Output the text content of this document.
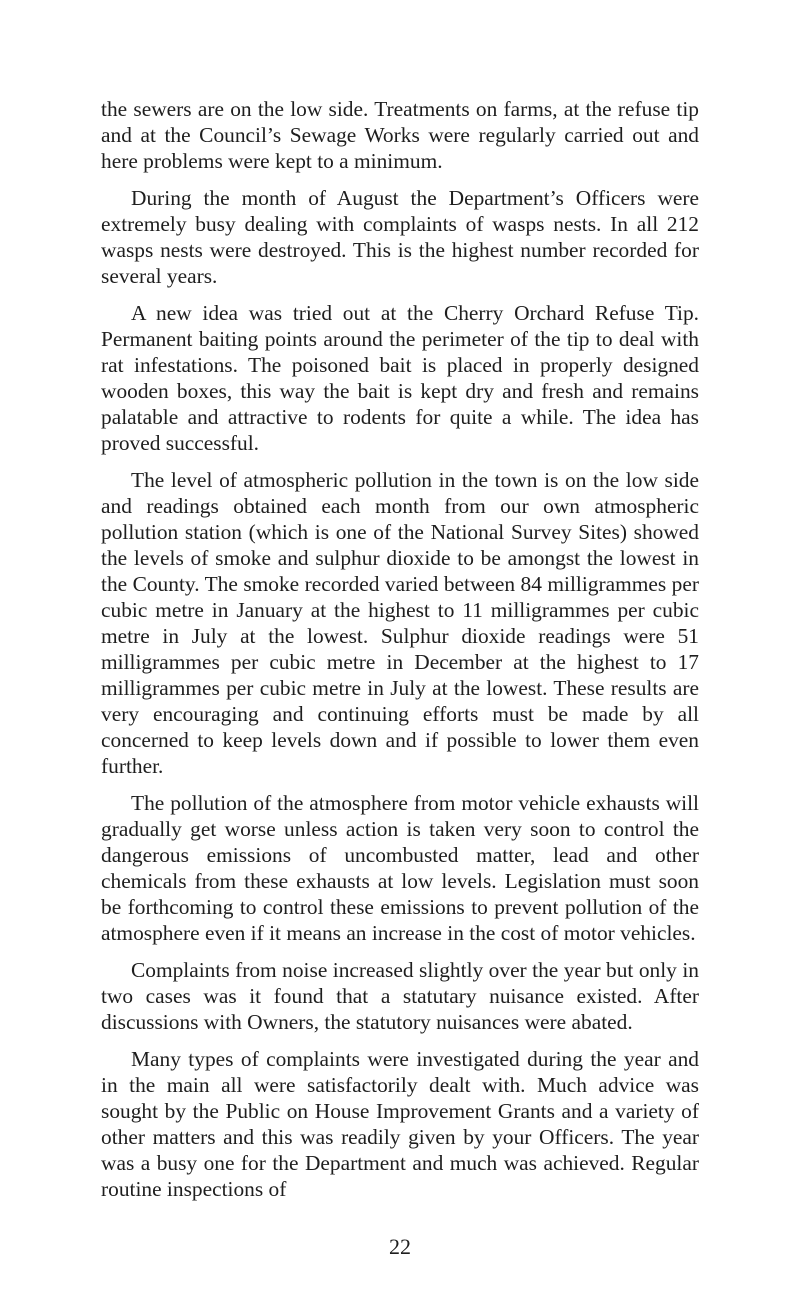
the sewers are on the low side. Treatments on farms, at the refuse tip and at the Council’s Sewage Works were regularly carried out and here problems were kept to a minimum.

During the month of August the Department’s Officers were extremely busy dealing with complaints of wasps nests. In all 212 wasps nests were destroyed. This is the highest number recorded for several years.

A new idea was tried out at the Cherry Orchard Refuse Tip. Permanent baiting points around the perimeter of the tip to deal with rat infestations. The poisoned bait is placed in properly designed wooden boxes, this way the bait is kept dry and fresh and remains palatable and attractive to rodents for quite a while. The idea has proved successful.

The level of atmospheric pollution in the town is on the low side and readings obtained each month from our own atmospheric pollution station (which is one of the National Survey Sites) showed the levels of smoke and sulphur dioxide to be amongst the lowest in the County. The smoke recorded varied between 84 milligrammes per cubic metre in January at the highest to 11 milligrammes per cubic metre in July at the lowest. Sulphur dioxide readings were 51 milligrammes per cubic metre in December at the highest to 17 milligrammes per cubic metre in July at the lowest. These results are very encouraging and continuing efforts must be made by all concerned to keep levels down and if possible to lower them even further.

The pollution of the atmosphere from motor vehicle exhausts will gradually get worse unless action is taken very soon to control the dangerous emissions of uncombusted matter, lead and other chemicals from these exhausts at low levels. Legislation must soon be forthcoming to control these emissions to prevent pollution of the atmosphere even if it means an increase in the cost of motor vehicles.

Complaints from noise increased slightly over the year but only in two cases was it found that a statutary nuisance existed. After discussions with Owners, the statutory nuisances were abated.

Many types of complaints were investigated during the year and in the main all were satisfactorily dealt with. Much advice was sought by the Public on House Improvement Grants and a variety of other matters and this was readily given by your Officers. The year was a busy one for the Department and much was achieved. Regular routine inspections of

22
